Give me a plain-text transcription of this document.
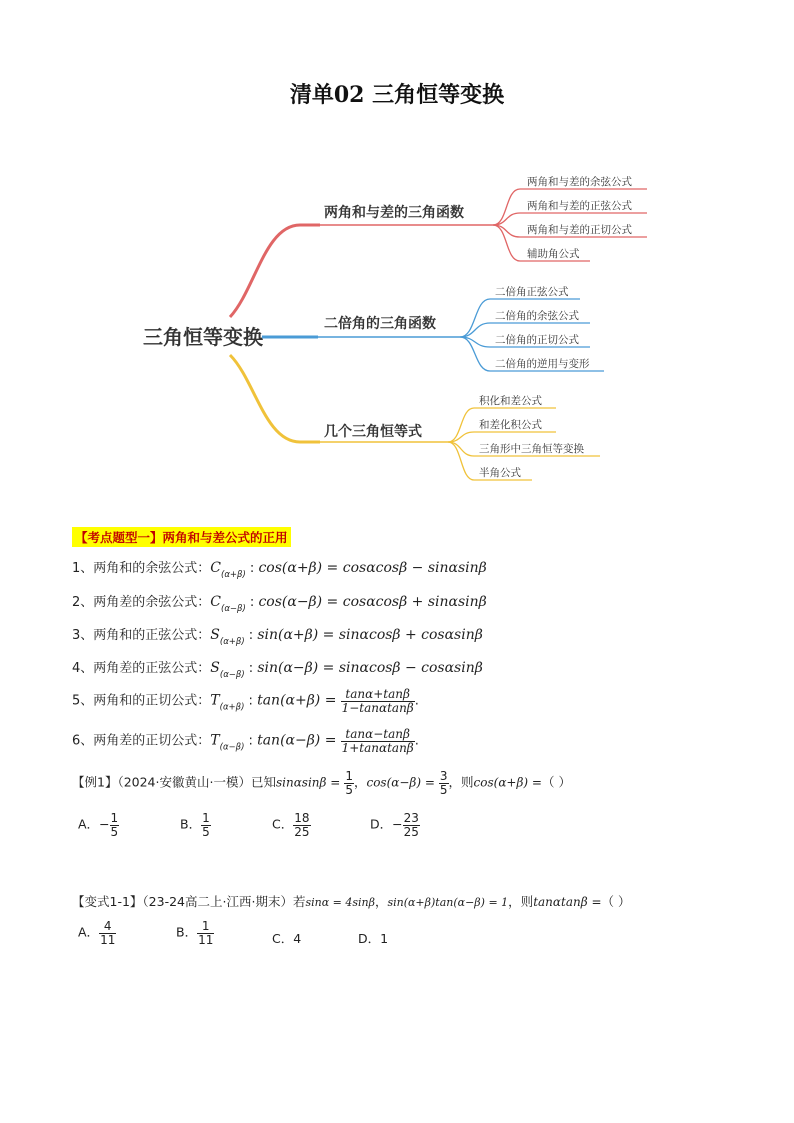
清单02 三角恒等变换
三角恒等变换
两角和与差的三角函数
二倍角的三角函数
几个三角恒等式
两角和与差的余弦公式
两角和与差的正弦公式
两角和与差的正切公式
辅助角公式
二倍角正弦公式
二倍角的余弦公式
二倍角的正切公式
二倍角的逆用与变形
积化和差公式
和差化积公式
三角形中三角恒等变换
半角公式
【考点题型一】两角和与差公式的正用
1、两角和的余弦公式：$C_{(\alpha+\beta)}$ : cos(α+β) = cosαcosβ − sinαsinβ
2、两角差的余弦公式：$C_{(\alpha-\beta)}$ : cos(α−β) = cosαcosβ + sinαsinβ
3、两角和的正弦公式：$S_{(\alpha+\beta)}$ : sin(α+β) = sinαcosβ + cosαsinβ
4、两角差的正弦公式：$S_{(\alpha-\beta)}$ : sin(α−β) = sinαcosβ − cosαsinβ
5、两角和的正切公式：$T_{(\alpha+\beta)}$ : $\tan(\alpha+\beta) = \frac{\tan\alpha+\tan\beta}{1-\tan\alpha\tan\beta}$ .
6、两角差的正切公式：$T_{(\alpha-\beta)}$ : $\tan(\alpha-\beta) = \frac{\tan\alpha-\tan\beta}{1+\tan\alpha\tan\beta}$ .
【例1】（2024·安徽黄山·一模）已知$\sin\alpha\sin\beta = \frac{1}{5}$ ，$\cos(\alpha-\beta) = \frac{3}{5}$ ，则cos(α+β) =（ ）
A．− $\frac{1}{5}$	B． $\frac{1}{5}$	C． $\frac{18}{25}$	D．− $\frac{23}{25}$
【变式1-1】（23-24高二上·江西·期末）若sinα = 4sinβ，sin(α+β)tan(α−β) = 1，则tanαtanβ =（ ）
A． $\frac{4}{11}$	B． $\frac{1}{11}$	C．4	D．1
